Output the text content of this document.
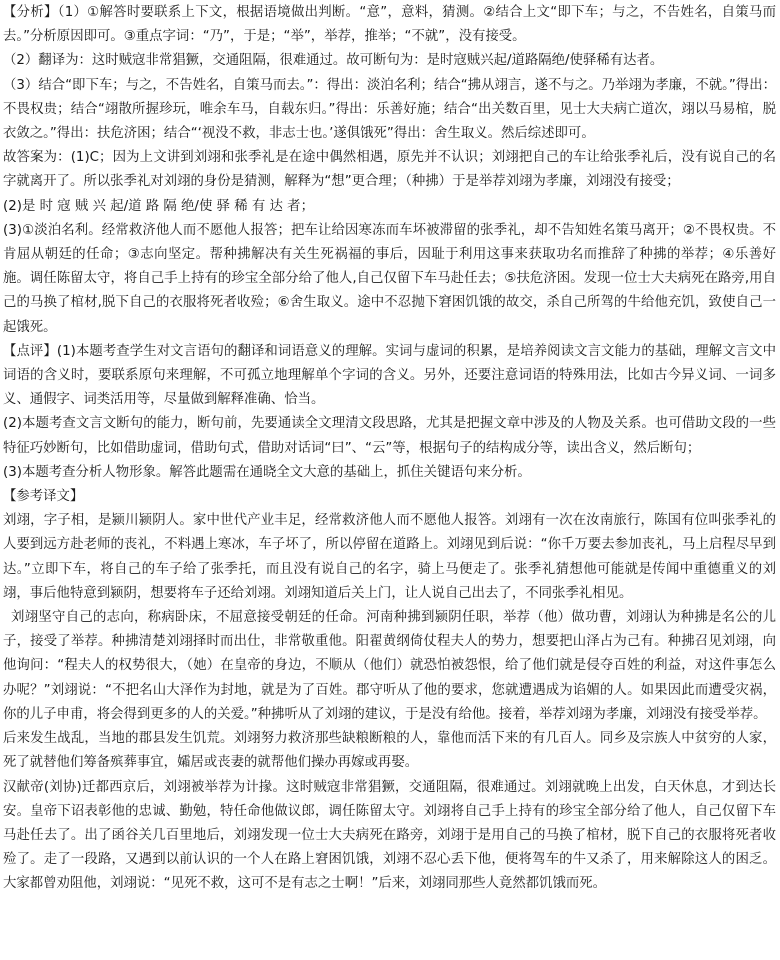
【分析】（1）①解答时要联系上下文，根据语境做出判断。“意”，意料，猜测。②结合上文“即下车；与之，不告姓名，自策马而去。”分析原因即可。③重点字词：“乃”，于是；“举”，举荐，推举；“不就”，没有接受。

（2）翻译为：这时贼寇非常猖獗，交通阻隔，很难通过。故可断句为：是时寇贼兴起/道路隔绝/使驿稀有达者。

（3）结合“即下车；与之，不告姓名，自策马而去。”：得出：淡泊名利；结合“拂从翊言，遂不与之。乃举翊为孝廉，不就。”得出：不畏权贵；结合“翊散所握珍玩，唯余车马，自载东归。”得出：乐善好施；结合“出关数百里，见士大夫病亡道次，翊以马易棺，脱衣敛之。”得出：扶危济困；结合“‘视没不救，非志士也。’遂俱饿死”得出：舍生取义。然后综述即可。

故答案为：(1)C；因为上文讲到刘翊和张季礼是在途中偶然相遇，原先并不认识；刘翊把自己的车让给张季礼后，没有说自己的名字就离开了。所以张季礼对刘翊的身份是猜测，解释为“想”更合理；（种拂）于是举荐刘翊为孝廉，刘翊没有接受；

(2)是 时 寇 贼 兴 起/道 路 隔 绝/使 驿 稀 有 达 者；

(3)①淡泊名利。经常救济他人而不愿他人报答；把车让给因寒冻而车坏被滞留的张季礼，却不告知姓名策马离开；②不畏权贵。不肯屈从朝廷的任命；③志向坚定。帮种拂解决有关生死祸福的事后，因耻于利用这事来获取功名而推辞了种拂的举荐；④乐善好施。调任陈留太守，将自己手上持有的珍宝全部分给了他人,自己仅留下车马赴任去；⑤扶危济困。发现一位士大夫病死在路旁,用自己的马换了棺材,脱下自己的衣服将死者收殓；⑥舍生取义。途中不忍抛下窘困饥饿的故交，杀自己所驾的牛给他充饥，致使自己一起饿死。

【点评】(1)本题考查学生对文言语句的翻译和词语意义的理解。实词与虚词的积累，是培养阅读文言文能力的基础，理解文言文中词语的含义时，要联系原句来理解，不可孤立地理解单个字词的含义。另外，还要注意词语的特殊用法，比如古今异义词、一词多义、通假字、词类活用等，尽量做到解释准确、恰当。

(2)本题考查文言文断句的能力，断句前，先要通读全文理清文段思路，尤其是把握文章中涉及的人物及关系。也可借助文段的一些特征巧妙断句，比如借助虚词，借助句式，借助对话词“曰”、“云”等，根据句子的结构成分等，读出含义，然后断句；

(3)本题考查分析人物形象。解答此题需在通晓全文大意的基础上，抓住关键语句来分析。

【参考译文】

刘翊，字子相，是颍川颍阴人。家中世代产业丰足，经常救济他人而不愿他人报答。刘翊有一次在汝南旅行，陈国有位叫张季礼的人要到远方赴老师的丧礼，不料遇上寒冰，车子坏了，所以停留在道路上。刘翊见到后说：“你千万要去参加丧礼，马上启程尽早到达。”立即下车，将自己的车子给了张季托，而且没有说自己的名字，骑上马便走了。张季礼猜想他可能就是传闻中重德重义的刘翊，事后他特意到颍阴，想要将车子还给刘翊。刘翊知道后关上门，让人说自己出去了，不同张季礼相见。

刘翊坚守自己的志向，称病卧床，不屈意接受朝廷的任命。河南种拂到颍阴任职，举荐（他）做功曹，刘翊认为种拂是名公的儿子，接受了举荐。种拂清楚刘翊择时而出仕，非常敬重他。阳翟黄纲倚仗程夫人的势力，想要把山泽占为己有。种拂召见刘翊，向他询问：“程夫人的权势很大，（她）在皇帝的身边，不顺从（他们）就恐怕被怨恨，给了他们就是侵夺百姓的利益，对这件事怎么办呢？”刘翊说：“不把名山大泽作为封地，就是为了百姓。郡守听从了他的要求，您就遭遇成为谄媚的人。如果因此而遭受灾祸，你的儿子申甫，将会得到更多的人的关爱。”种拂听从了刘翊的建议，于是没有给他。接着，举荐刘翊为孝廉，刘翊没有接受举荐。

后来发生战乱，当地的郡县发生饥荒。刘翊努力救济那些缺粮断粮的人，靠他而活下来的有几百人。同乡及宗族人中贫穷的人家，死了就替他们筹备殡葬事宜，孀居或丧妻的就帮他们操办再嫁或再娶。

汉献帝(刘协)迁都西京后，刘翊被举荐为计掾。这时贼寇非常猖獗，交通阻隔，很难通过。刘翊就晚上出发，白天休息，才到达长安。皇帝下诏表彰他的忠诚、勤勉，特任命他做议郎，调任陈留太守。刘翊将自己手上持有的珍宝全部分给了他人，自己仅留下车马赴任去了。出了函谷关几百里地后，刘翊发现一位士大夫病死在路旁，刘翊于是用自己的马换了棺材，脱下自己的衣服将死者收殓了。走了一段路，又遇到以前认识的一个人在路上窘困饥饿，刘翊不忍心丢下他，便将驾车的牛又杀了，用来解除这人的困乏。大家都曾劝阻他，刘翊说：“见死不救，这可不是有志之士啊！”后来，刘翊同那些人竟然都饥饿而死。
